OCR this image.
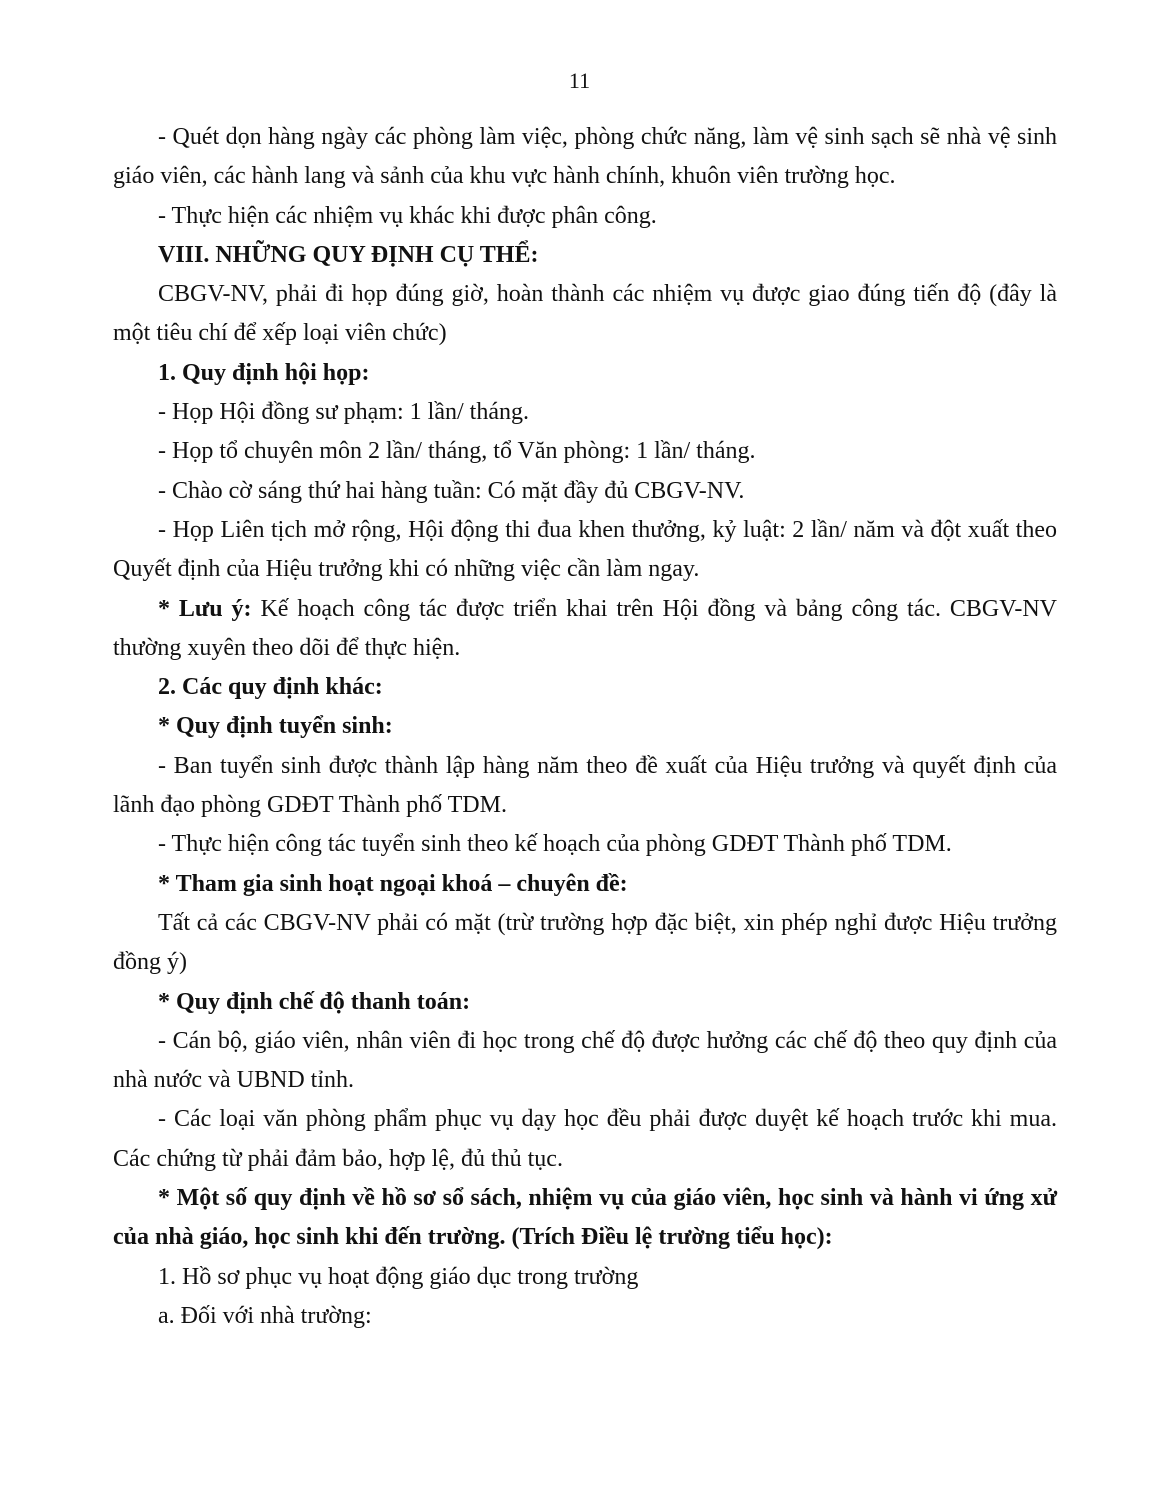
11

- Quét dọn hàng ngày các phòng làm việc, phòng chức năng, làm vệ sinh sạch sẽ nhà vệ sinh giáo viên, các hành lang và sảnh của khu vực hành chính, khuôn viên trường học.

- Thực hiện các nhiệm vụ khác khi được phân công.

VIII. NHỮNG QUY ĐỊNH CỤ THỂ:

CBGV-NV, phải đi họp đúng giờ, hoàn thành các nhiệm vụ được giao đúng tiến độ (đây là một tiêu chí để xếp loại viên chức)

1. Quy định hội họp:

- Họp Hội đồng sư phạm: 1 lần/ tháng.

- Họp tổ chuyên môn 2 lần/ tháng, tổ Văn phòng: 1 lần/ tháng.

- Chào cờ sáng thứ hai hàng tuần: Có mặt đầy đủ CBGV-NV.

- Họp Liên tịch mở rộng, Hội động thi đua khen thưởng, kỷ luật: 2 lần/ năm và đột xuất theo Quyết định của Hiệu trưởng khi có những việc cần làm ngay.

* Lưu ý: Kế hoạch công tác được triển khai trên Hội đồng và bảng công tác. CBGV-NV thường xuyên theo dõi để thực hiện.

2. Các quy định khác:

* Quy định tuyển sinh:

- Ban tuyển sinh được thành lập hàng năm theo đề xuất của Hiệu trưởng và quyết định của lãnh đạo phòng GDĐT Thành phố TDM.

- Thực hiện công tác tuyển sinh theo kế hoạch của phòng GDĐT Thành phố TDM.

* Tham gia sinh hoạt ngoại khoá – chuyên đề:

Tất cả các CBGV-NV phải có mặt (trừ trường hợp đặc biệt, xin phép nghỉ được Hiệu trưởng đồng ý)

* Quy định chế độ thanh toán:

- Cán bộ, giáo viên, nhân viên đi học trong chế độ được hưởng các chế độ theo quy định của nhà nước và UBND tỉnh.

- Các loại văn phòng phẩm phục vụ dạy học đều phải được duyệt kế hoạch trước khi mua. Các chứng từ phải đảm bảo, hợp lệ, đủ thủ tục.

* Một số quy định về hồ sơ sổ sách, nhiệm vụ của giáo viên, học sinh và hành vi ứng xử của nhà giáo, học sinh khi đến trường. (Trích Điều lệ trường tiểu học):

1. Hồ sơ phục vụ hoạt động giáo dục trong trường

a. Đối với nhà trường:
